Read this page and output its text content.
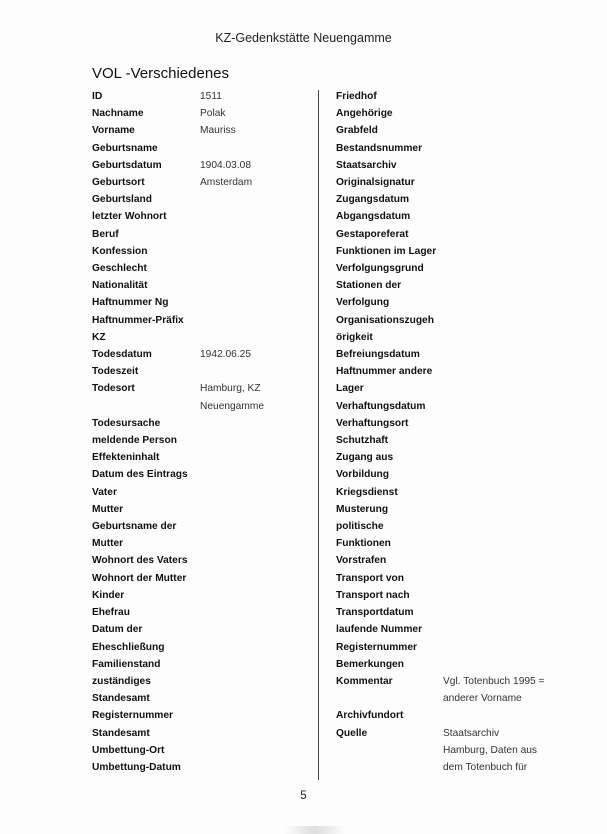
KZ-Gedenkstätte Neuengamme
VOL -Verschiedenes
ID	1511
Nachname	Polak
Vorname	Mauriss
Geburtsname
Geburtsdatum	1904.03.08
Geburtsort	Amsterdam
Geburtsland
letzter Wohnort
Beruf
Konfession
Geschlecht
Nationalität
Haftnummer Ng
Haftnummer-Präfix
KZ
Todesdatum	1942.06.25
Todeszeit
Todesort	Hamburg, KZ
Neuengamme
Todesursache
meldende Person
Effekteninhalt
Datum des Eintrags
Vater
Mutter
Geburtsname der
Mutter
Wohnort des Vaters
Wohnort der Mutter
Kinder
Ehefrau
Datum der
Eheschließung
Familienstand
zuständiges
Standesamt
Registernummer
Standesamt
Umbettung-Ort
Umbettung-Datum
Friedhof
Angehörige
Grabfeld
Bestandsnummer
Staatsarchiv
Originalsignatur
Zugangsdatum
Abgangsdatum
Gestaporeferat
Funktionen im Lager
Verfolgungsgrund
Stationen der
Verfolgung
Organisationszugeh
örigkeit
Befreiungsdatum
Haftnummer andere
Lager
Verhaftungsdatum
Verhaftungsort
Schutzhaft
Zugang aus
Vorbildung
Kriegsdienst
Musterung
politische
Funktionen
Vorstrafen
Transport von
Transport nach
Transportdatum
laufende Nummer
Registernummer
Bemerkungen
Kommentar	Vgl. Totenbuch 1995 =
anderer Vorname
Archivfundort
Quelle	Staatsarchiv
Hamburg, Daten aus
dem Totenbuch für
5
